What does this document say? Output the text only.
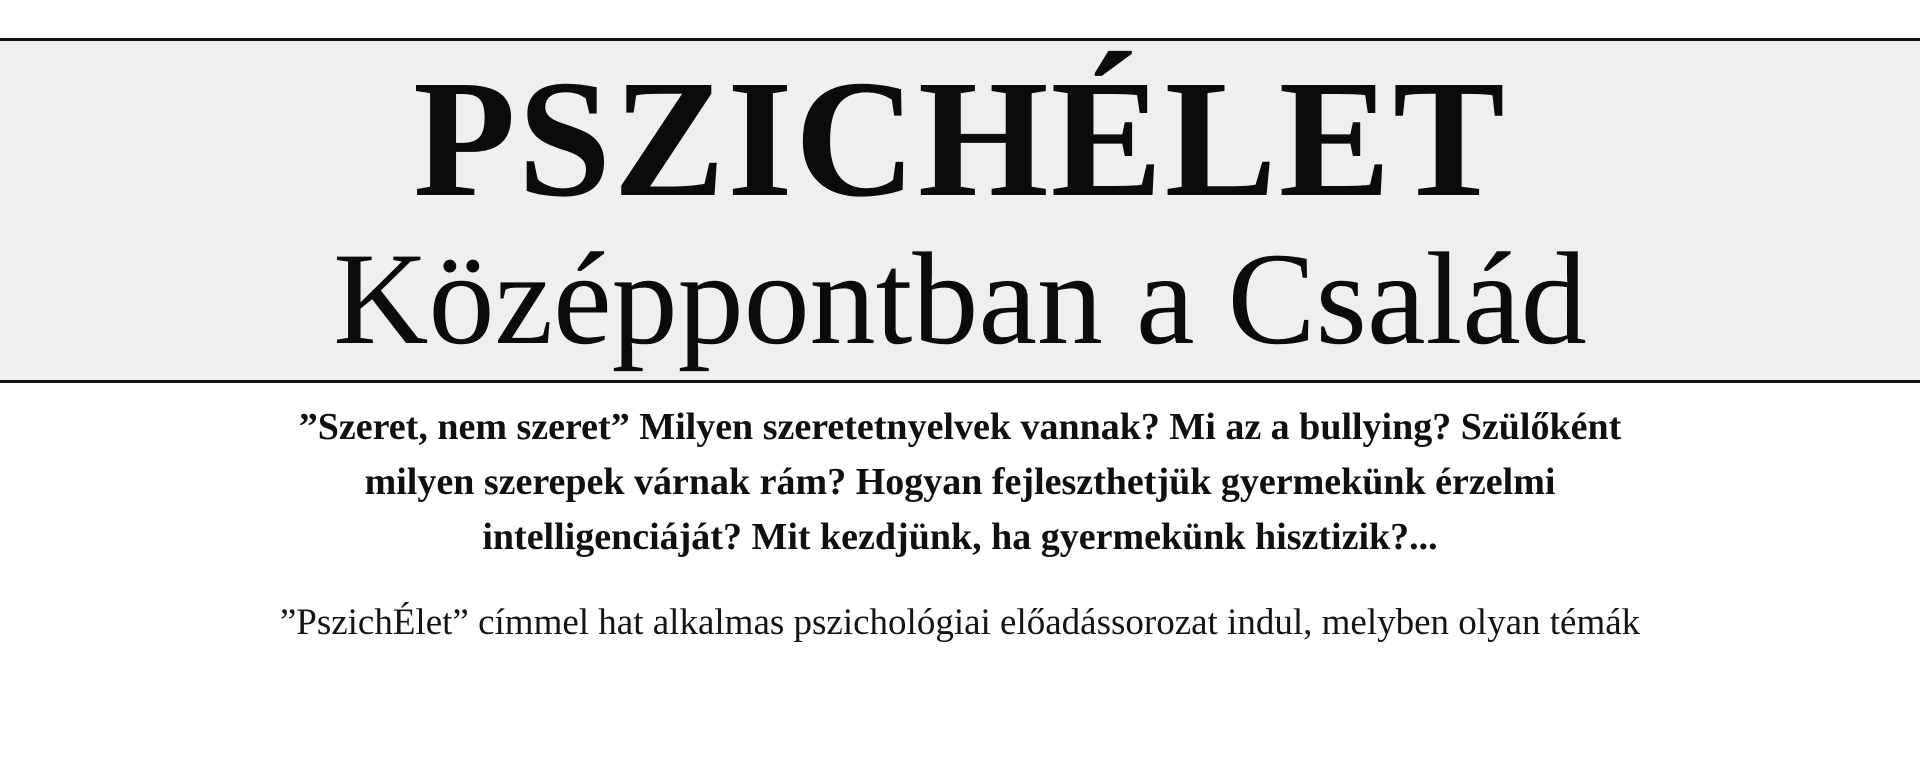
PSZICHÉLET
Középpontban a Család
”Szeret, nem szeret” Milyen szeretetnyelvek vannak? Mi az a bullying? Szülőként
milyen szerepek várnak rám? Hogyan fejleszthetjük gyermekünk érzelmi
intelligenciáját? Mit kezdjünk, ha gyermekünk hisztizik?...
”PszichÉlet” címmel hat alkalmas pszichológiai előadássorozat indul, melyben olyan témák
